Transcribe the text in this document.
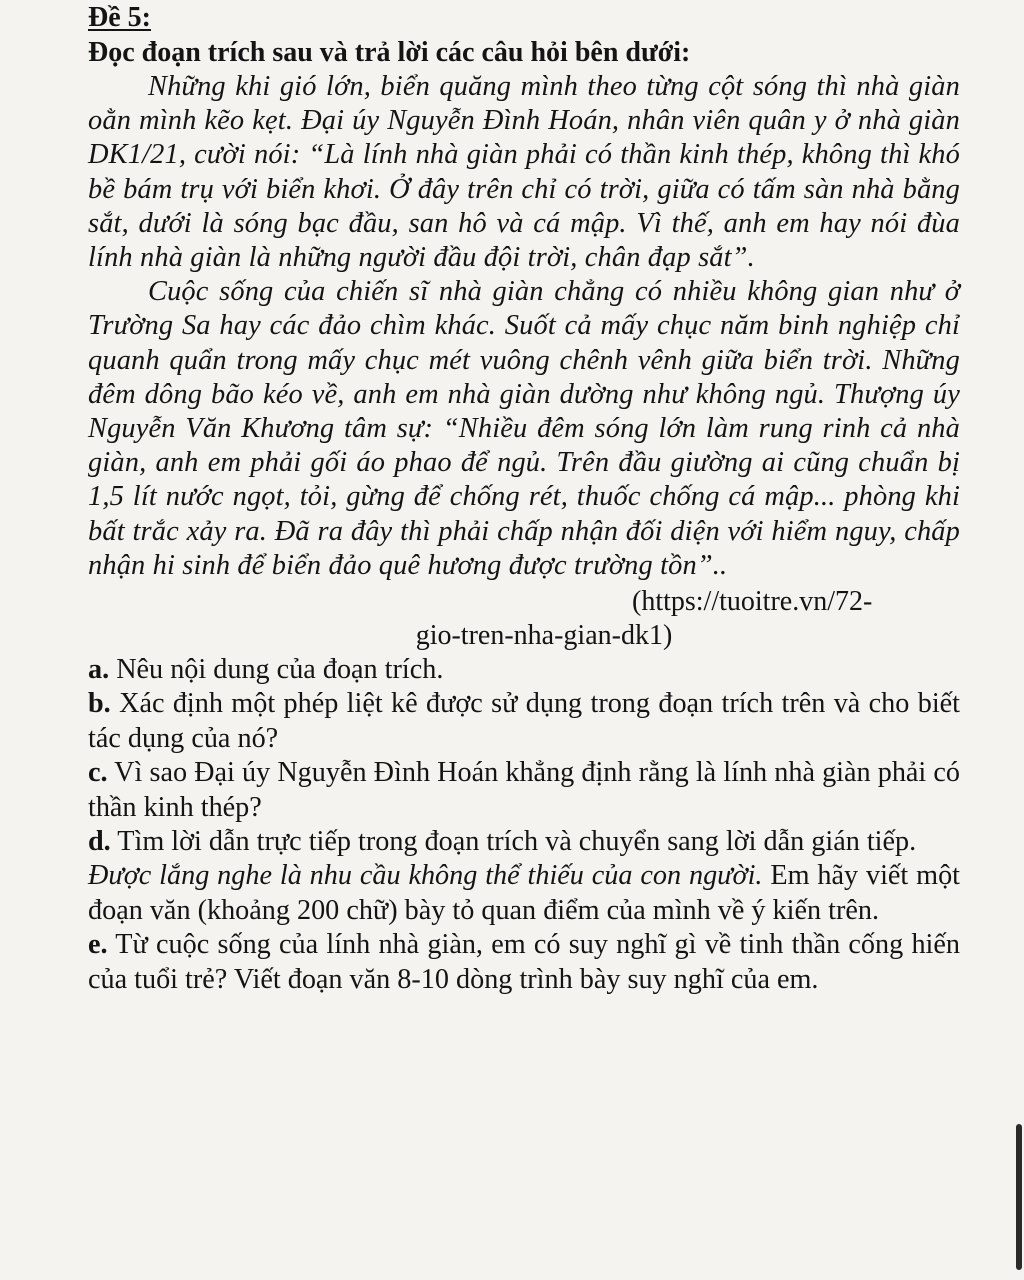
Đề 5:

Đọc đoạn trích sau và trả lời các câu hỏi bên dưới:

Những khi gió lớn, biển quăng mình theo từng cột sóng thì nhà giàn oằn mình kẽo kẹt. Đại úy Nguyễn Đình Hoán, nhân viên quân y ở nhà giàn DK1/21, cười nói: “Là lính nhà giàn phải có thần kinh thép, không thì khó bề bám trụ với biển khơi. Ở đây trên chỉ có trời, giữa có tấm sàn nhà bằng sắt, dưới là sóng bạc đầu, san hô và cá mập. Vì thế, anh em hay nói đùa lính nhà giàn là những người đầu đội trời, chân đạp sắt”.

Cuộc sống của chiến sĩ nhà giàn chẳng có nhiều không gian như ở Trường Sa hay các đảo chìm khác. Suốt cả mấy chục năm binh nghiệp chỉ quanh quẩn trong mấy chục mét vuông chênh vênh giữa biển trời. Những đêm dông bão kéo về, anh em nhà giàn dường như không ngủ. Thượng úy Nguyễn Văn Khương tâm sự: “Nhiều đêm sóng lớn làm rung rinh cả nhà giàn, anh em phải gối áo phao để ngủ. Trên đầu giường ai cũng chuẩn bị 1,5 lít nước ngọt, tỏi, gừng để chống rét, thuốc chống cá mập... phòng khi bất trắc xảy ra. Đã ra đây thì phải chấp nhận đối diện với hiểm nguy, chấp nhận hi sinh để biển đảo quê hương được trường tồn”..

(https://tuoitre.vn/72-
gio-tren-nha-gian-dk1)

a. Nêu nội dung của đoạn trích.

b. Xác định một phép liệt kê được sử dụng trong đoạn trích trên và cho biết tác dụng của nó?

c. Vì sao Đại úy Nguyễn Đình Hoán khẳng định rằng là lính nhà giàn phải có thần kinh thép?

d. Tìm lời dẫn trực tiếp trong đoạn trích và chuyển sang lời dẫn gián tiếp.

Được lắng nghe là nhu cầu không thể thiếu của con người. Em hãy viết một đoạn văn (khoảng 200 chữ) bày tỏ quan điểm của mình về ý kiến trên.

e. Từ cuộc sống của lính nhà giàn, em có suy nghĩ gì về tinh thần cống hiến của tuổi trẻ? Viết đoạn văn 8-10 dòng trình bày suy nghĩ của em.
